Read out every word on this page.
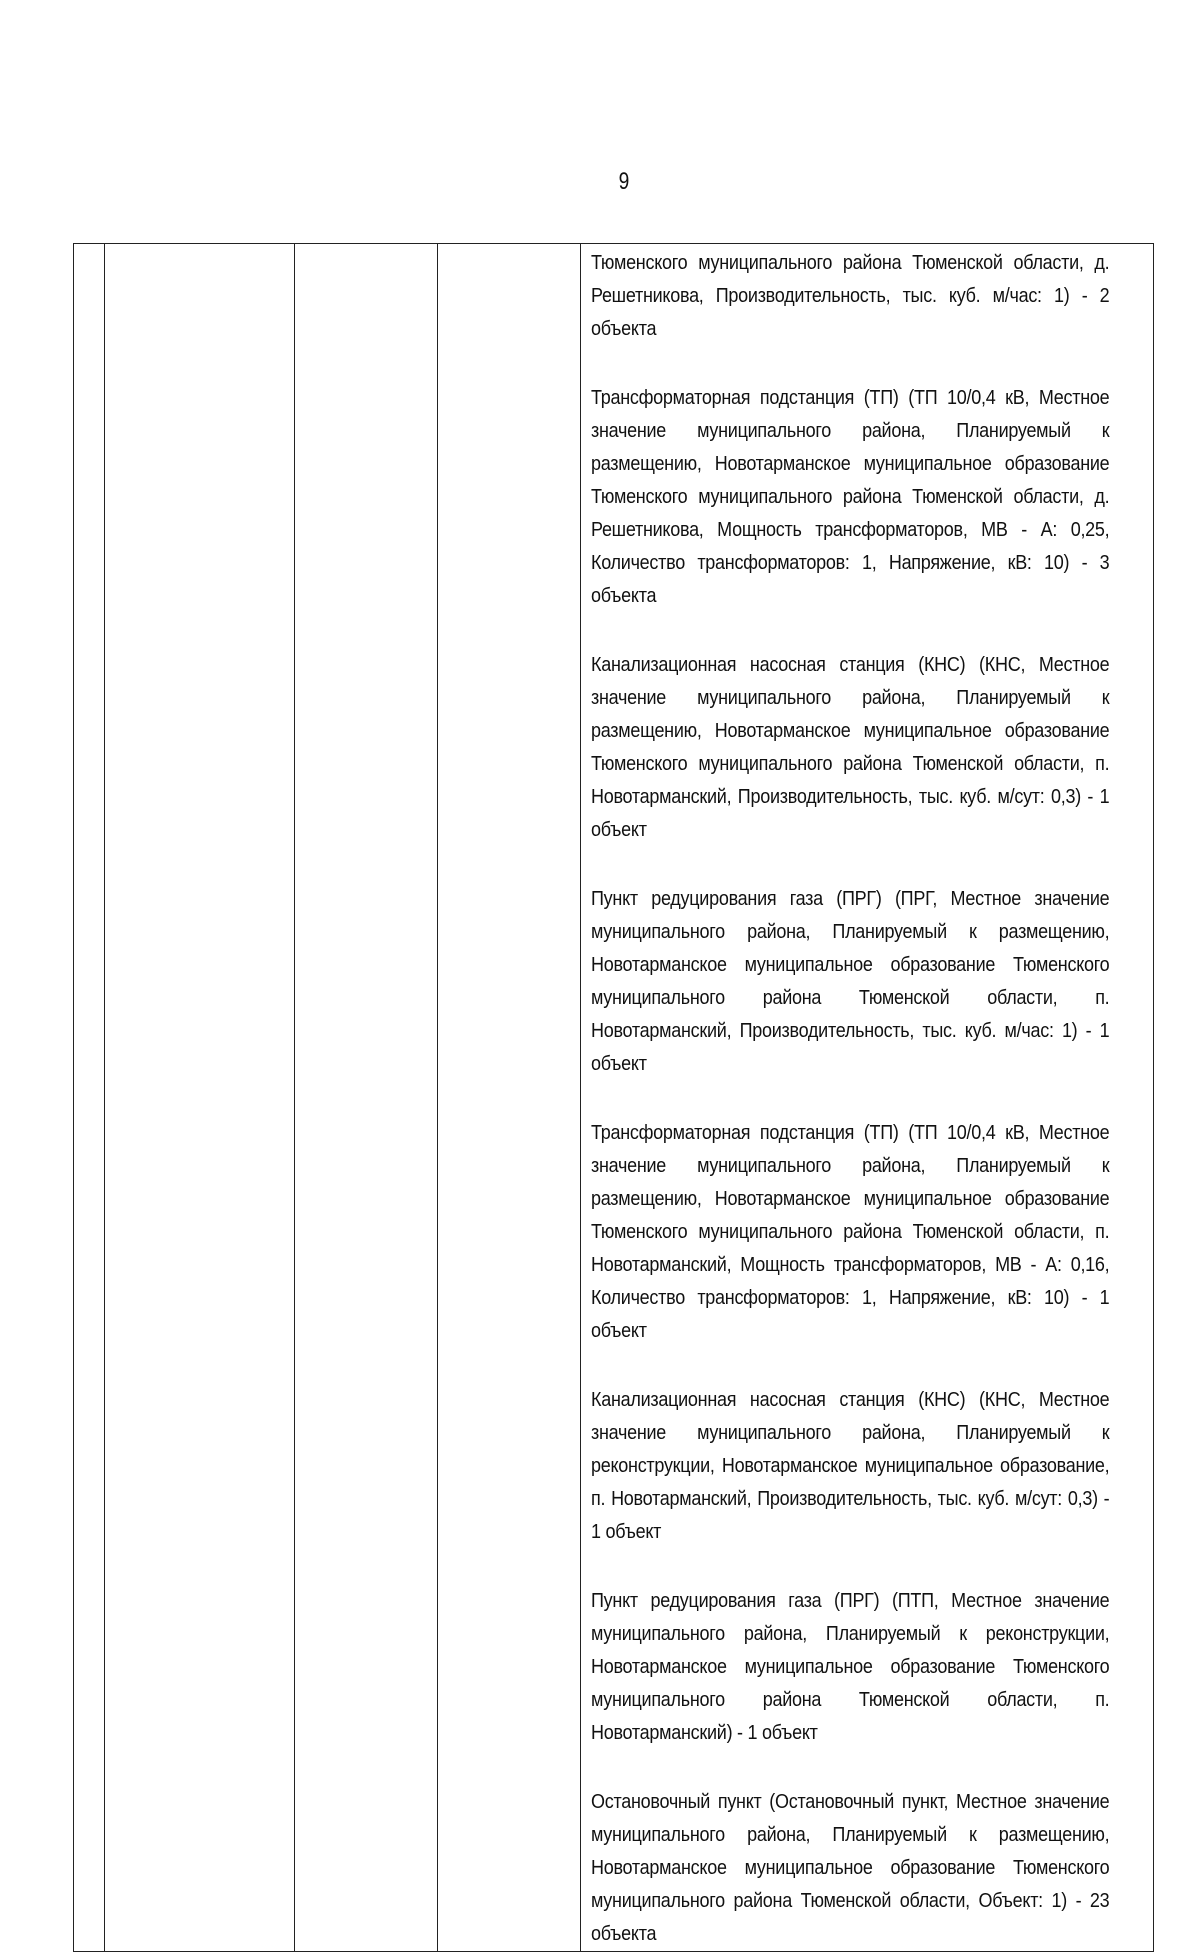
9

Тюменского муниципального района Тюменской области, д. Решетникова, Производительность, тыс. куб. м/час: 1) - 2 объекта

Трансформаторная подстанция (ТП) (ТП 10/0,4 кВ, Местное значение муниципального района, Планируемый к размещению, Новотарманское муниципальное образование Тюменского муниципального района Тюменской области, д. Решетникова, Мощность трансформаторов, МВ - А: 0,25, Количество трансформаторов: 1, Напряжение, кВ: 10) - 3 объекта

Канализационная насосная станция (КНС) (КНС, Местное значение муниципального района, Планируемый к размещению, Новотарманское муниципальное образование Тюменского муниципального района Тюменской области, п. Новотарманский, Производительность, тыс. куб. м/сут: 0,3) - 1 объект

Пункт редуцирования газа (ПРГ) (ПРГ, Местное значение муниципального района, Планируемый к размещению, Новотарманское муниципальное образование Тюменского муниципального района Тюменской области, п. Новотарманский, Производительность, тыс. куб. м/час: 1) - 1 объект

Трансформаторная подстанция (ТП) (ТП 10/0,4 кВ, Местное значение муниципального района, Планируемый к размещению, Новотарманское муниципальное образование Тюменского муниципального района Тюменской области, п. Новотарманский, Мощность трансформаторов, МВ - А: 0,16, Количество трансформаторов: 1, Напряжение, кВ: 10) - 1 объект

Канализационная насосная станция (КНС) (КНС, Местное значение муниципального района, Планируемый к реконструкции, Новотарманское муниципальное образование, п. Новотарманский, Производительность, тыс. куб. м/сут: 0,3) - 1 объект

Пункт редуцирования газа (ПРГ) (ПТП, Местное значение муниципального района, Планируемый к реконструкции, Новотарманское муниципальное образование Тюменского муниципального района Тюменской области, п. Новотарманский) - 1 объект

Остановочный пункт (Остановочный пункт, Местное значение муниципального района, Планируемый к размещению, Новотарманское муниципальное образование Тюменского муниципального района Тюменской области, Объект: 1) - 23 объекта
